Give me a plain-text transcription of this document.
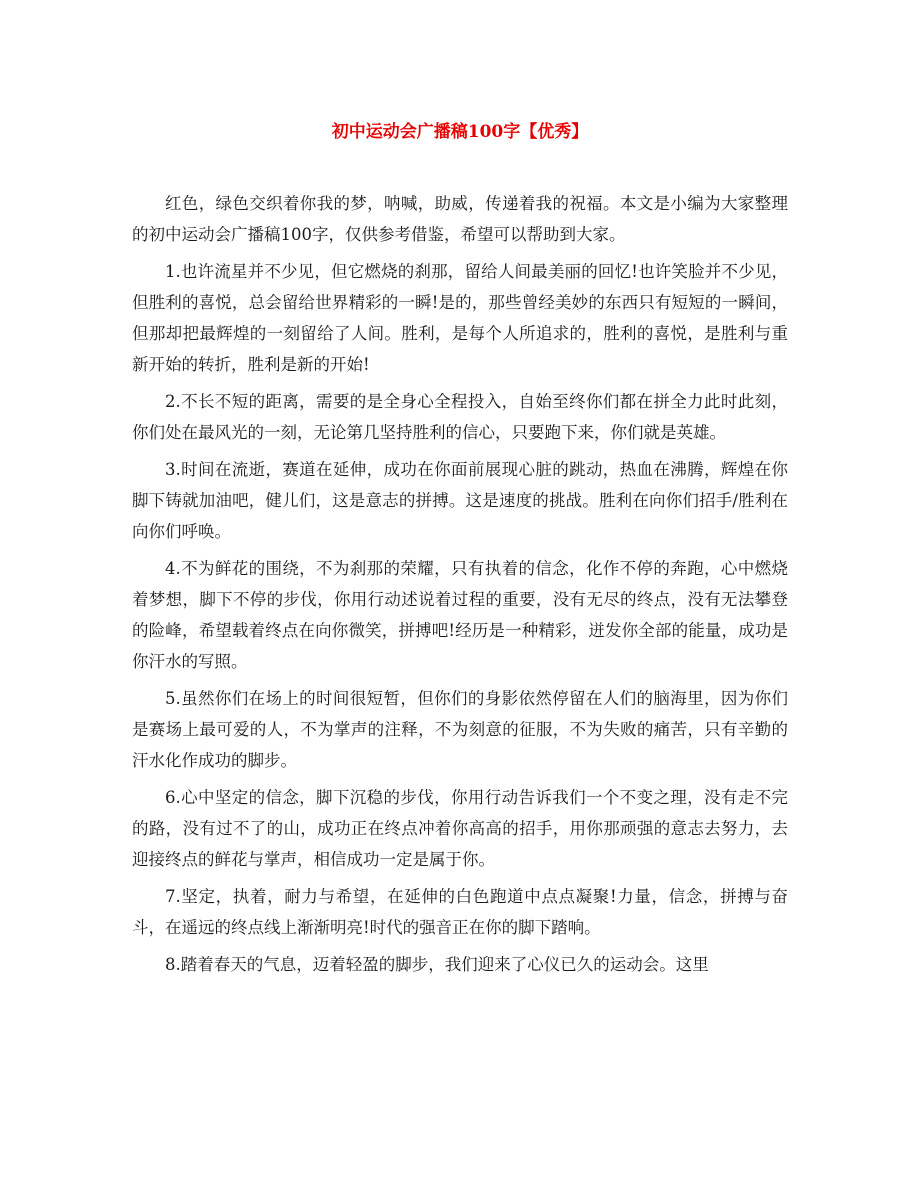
初中运动会广播稿100字【优秀】

红色，绿色交织着你我的梦，呐喊，助威，传递着我的祝福。本文是小编为大家整理的初中运动会广播稿100字，仅供参考借鉴，希望可以帮助到大家。

1.也许流星并不少见，但它燃烧的刹那，留给人间最美丽的回忆!也许笑脸并不少见，但胜利的喜悦，总会留给世界精彩的一瞬!是的，那些曾经美妙的东西只有短短的一瞬间，但那却把最辉煌的一刻留给了人间。胜利，是每个人所追求的，胜利的喜悦，是胜利与重新开始的转折，胜利是新的开始!

2.不长不短的距离，需要的是全身心全程投入，自始至终你们都在拼全力此时此刻，你们处在最风光的一刻，无论第几坚持胜利的信心，只要跑下来，你们就是英雄。

3.时间在流逝，赛道在延伸，成功在你面前展现心脏的跳动，热血在沸腾，辉煌在你脚下铸就加油吧，健儿们，这是意志的拼搏。这是速度的挑战。胜利在向你们招手/胜利在向你们呼唤。

4.不为鲜花的围绕，不为刹那的荣耀，只有执着的信念，化作不停的奔跑，心中燃烧着梦想，脚下不停的步伐，你用行动述说着过程的重要，没有无尽的终点，没有无法攀登的险峰，希望载着终点在向你微笑，拼搏吧!经历是一种精彩，迸发你全部的能量，成功是你汗水的写照。

5.虽然你们在场上的时间很短暂，但你们的身影依然停留在人们的脑海里，因为你们是赛场上最可爱的人，不为掌声的注释，不为刻意的征服，不为失败的痛苦，只有辛勤的汗水化作成功的脚步。

6.心中坚定的信念，脚下沉稳的步伐，你用行动告诉我们一个不变之理，没有走不完的路，没有过不了的山，成功正在终点冲着你高高的招手，用你那顽强的意志去努力，去迎接终点的鲜花与掌声，相信成功一定是属于你。

7.坚定，执着，耐力与希望，在延伸的白色跑道中点点凝聚!力量，信念，拼搏与奋斗，在遥远的终点线上渐渐明亮!时代的强音正在你的脚下踏响。

8.踏着春天的气息，迈着轻盈的脚步，我们迎来了心仪已久的运动会。这里
